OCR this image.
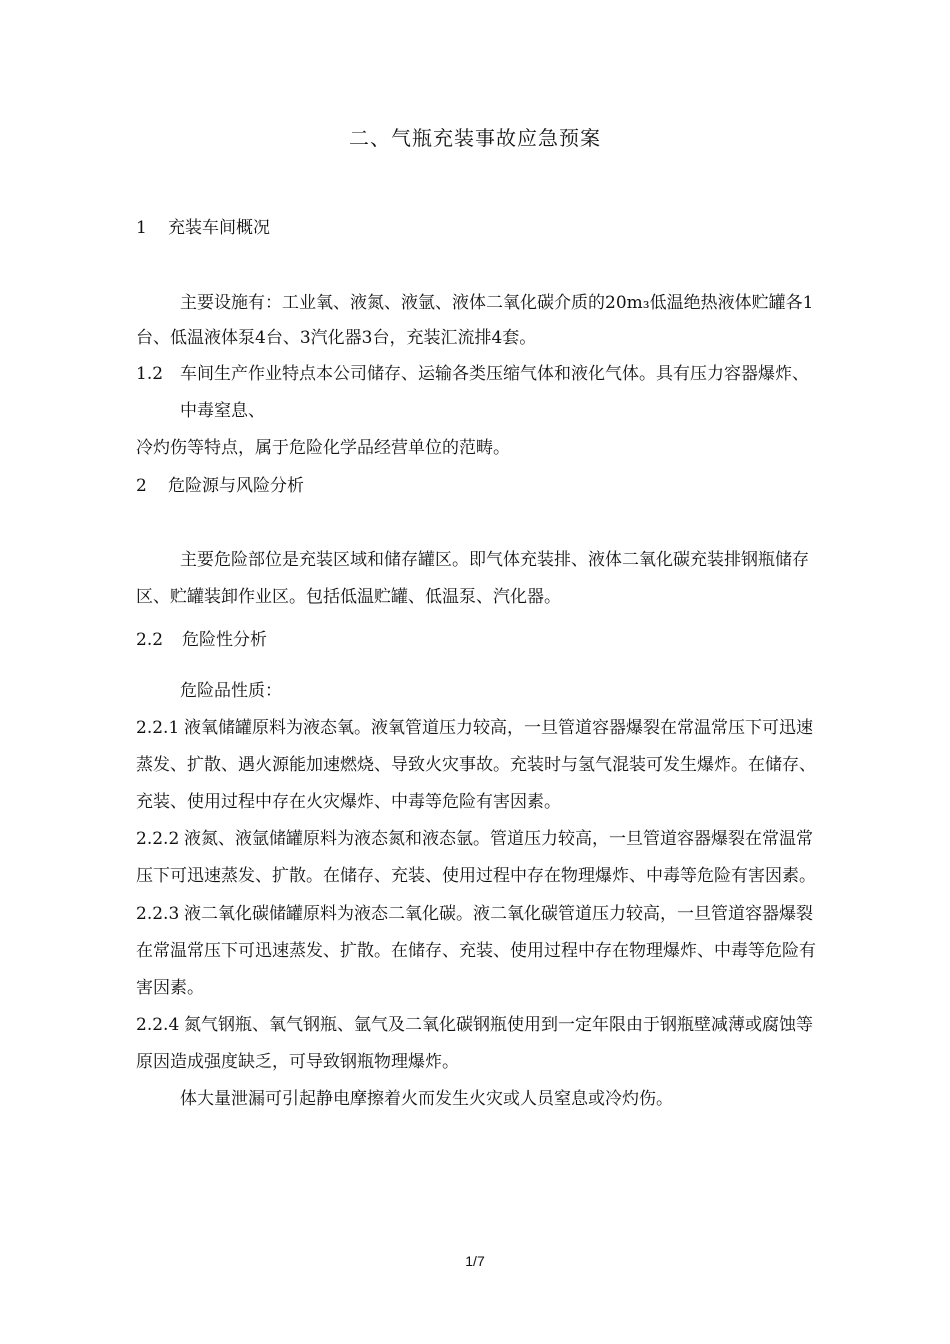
二、气瓶充装事故应急预案
1 充装车间概况
主要设施有：工业氧、液氮、液氩、液体二氧化碳介质的20m₃低温绝热液体贮罐各1
台、低温液体泵4台、3汽化器3台，充装汇流排4套。
1.2 车间生产作业特点本公司储存、运输各类压缩气体和液化气体。具有压力容器爆炸、
中毒窒息、
冷灼伤等特点，属于危险化学品经营单位的范畴。
2 危险源与风险分析
主要危险部位是充装区域和储存罐区。即气体充装排、液体二氧化碳充装排钢瓶储存
区、贮罐装卸作业区。包括低温贮罐、低温泵、汽化器。
2.2 危险性分析
危险品性质：
2.2.1 液氧储罐原料为液态氧。液氧管道压力较高，一旦管道容器爆裂在常温常压下可迅速
蒸发、扩散、遇火源能加速燃烧、导致火灾事故。充装时与氢气混装可发生爆炸。在储存、
充装、使用过程中存在火灾爆炸、中毒等危险有害因素。
2.2.2 液氮、液氩储罐原料为液态氮和液态氩。管道压力较高，一旦管道容器爆裂在常温常
压下可迅速蒸发、扩散。在储存、充装、使用过程中存在物理爆炸、中毒等危险有害因素。
2.2.3 液二氧化碳储罐原料为液态二氧化碳。液二氧化碳管道压力较高，一旦管道容器爆裂
在常温常压下可迅速蒸发、扩散。在储存、充装、使用过程中存在物理爆炸、中毒等危险有
害因素。
2.2.4 氮气钢瓶、氧气钢瓶、氩气及二氧化碳钢瓶使用到一定年限由于钢瓶壁减薄或腐蚀等
原因造成强度缺乏，可导致钢瓶物理爆炸。
体大量泄漏可引起静电摩擦着火而发生火灾或人员窒息或冷灼伤。
1/7
